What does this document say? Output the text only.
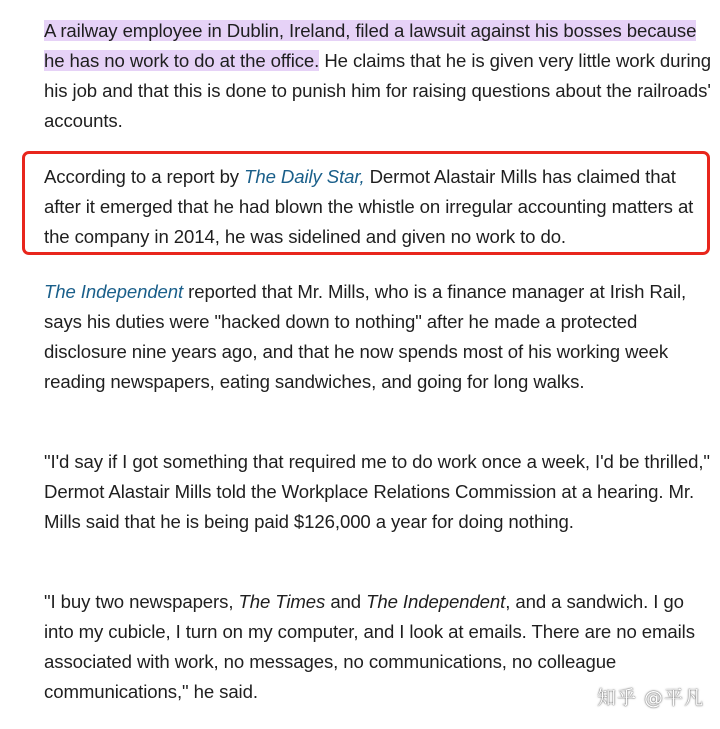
A railway employee in Dublin, Ireland, filed a lawsuit against his bosses because he has no work to do at the office. He claims that he is given very little work during his job and that this is done to punish him for raising questions about the railroads' accounts.

According to a report by The Daily Star, Dermot Alastair Mills has claimed that after it emerged that he had blown the whistle on irregular accounting matters at the company in 2014, he was sidelined and given no work to do.

The Independent reported that Mr. Mills, who is a finance manager at Irish Rail, says his duties were "hacked down to nothing" after he made a protected disclosure nine years ago, and that he now spends most of his working week reading newspapers, eating sandwiches, and going for long walks.

"I'd say if I got something that required me to do work once a week, I'd be thrilled," Dermot Alastair Mills told the Workplace Relations Commission at a hearing. Mr. Mills said that he is being paid $126,000 a year for doing nothing.

"I buy two newspapers, The Times and The Independent, and a sandwich. I go into my cubicle, I turn on my computer, and I look at emails. There are no emails associated with work, no messages, no communications, no colleague communications," he said.	知乎 @平凡
